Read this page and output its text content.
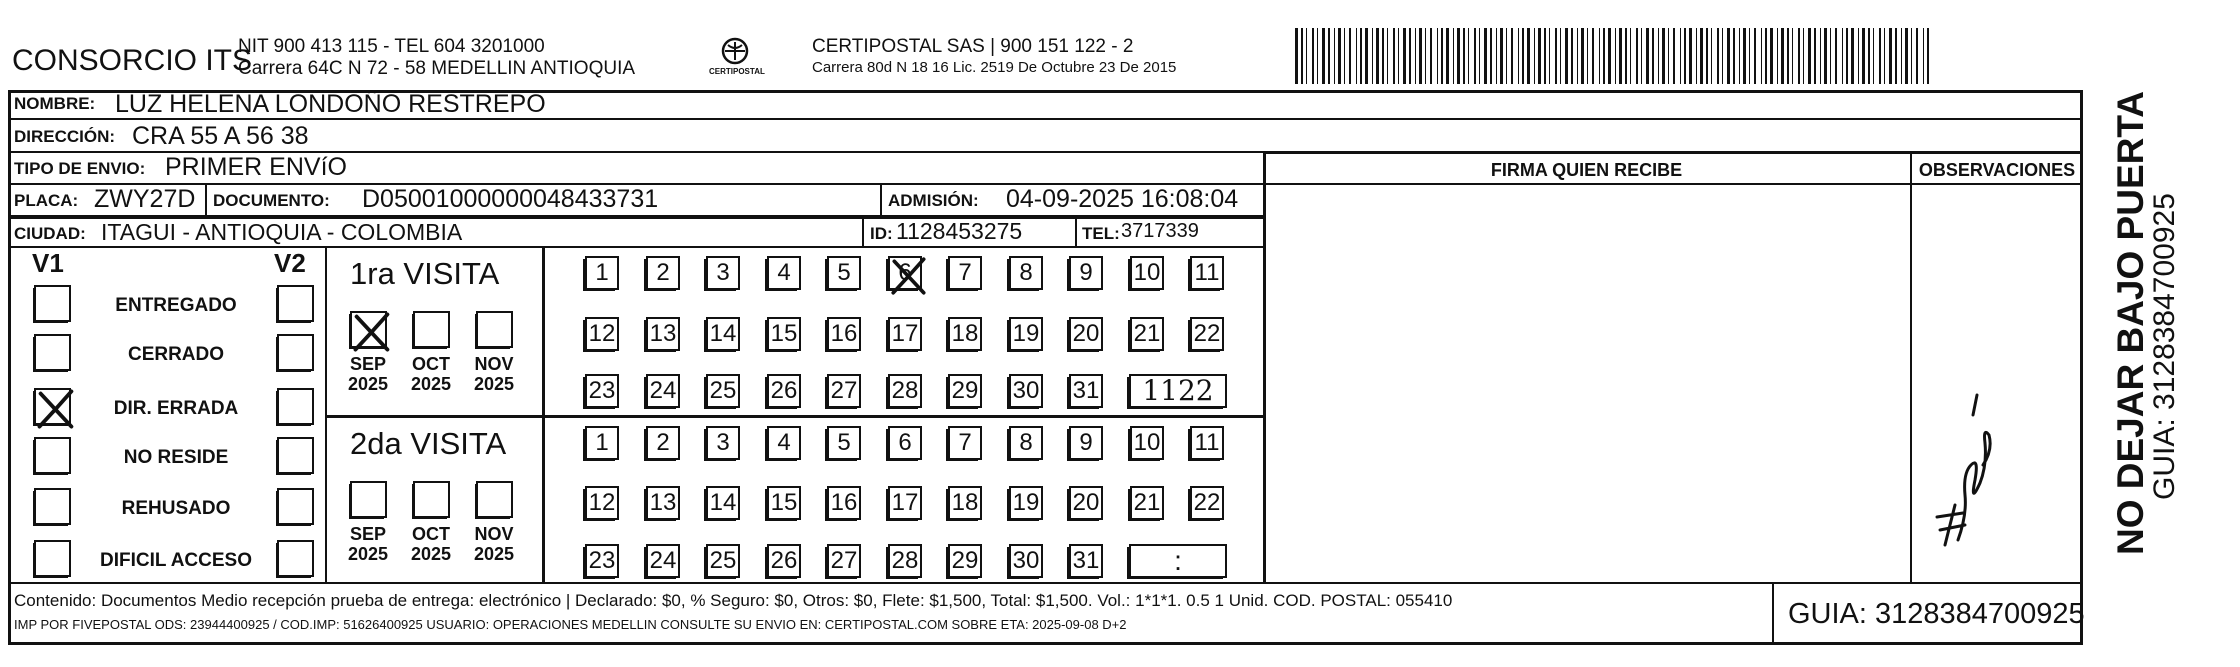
CONSORCIO ITS
NIT 900 413 115 - TEL 604 3201000
Carrera 64C N 72 - 58 MEDELLIN ANTIOQUIA	CERTIPOSTAL
CERTIPOSTAL SAS | 900 151 122 - 2
Carrera 80d N 18 16 Lic. 2519 De Octubre 23 De 2015
NOMBRE: LUZ HELENA LONDOÑO RESTREPO
DIRECCIÓN: CRA 55 A 56 38
TIPO DE ENVIO: PRIMER ENVíO
PLACA: ZWY27D DOCUMENTO: D05001000000048433731	ADMISIÓN: 04-09-2025 16:08:04
CIUDAD: ITAGUI - ANTIOQUIA - COLOMBIA	ID: 1128453275	TEL: 3717339
FIRMA QUIEN RECIBE	OBSERVACIONES
V1	V2
ENTREGADO
CERRADO
DIR. ERRADA
NO RESIDE
REHUSADO
DIFICIL ACCESO
1ra VISITA
2da VISITA
SEP
2025
OCT
2025
NOV
2025
SEP
2025
OCT
2025
NOV
2025
1	2	3	4	5	6	7	8	9	10 11
12 13 14 15 16 17 18 19 20 21 22
23 24 25 26 27 28 29 30 31	1122
1	2	3	4	5	6	7	8	9	10 11
12 13 14 15 16 17 18 19 20 21 22
23 24 25 26 27 28 29 30 31	:
Contenido: Documentos Medio recepción prueba de entrega: electrónico | Declarado: $0, % Seguro: $0, Otros: $0, Flete: $1,500, Total: $1,500. Vol.: 1*1*1. 0.5 1 Unid. COD. POSTAL: 055410
IMP POR FIVEPOSTAL ODS: 23944400925 / COD.IMP: 51626400925 USUARIO: OPERACIONES MEDELLIN CONSULTE SU ENVIO EN: CERTIPOSTAL.COM SOBRE ETA: 2025-09-08 D+2	GUIA: 3128384700925
NO DEJAR BAJO PUERTA
GUIA: 3128384700925
